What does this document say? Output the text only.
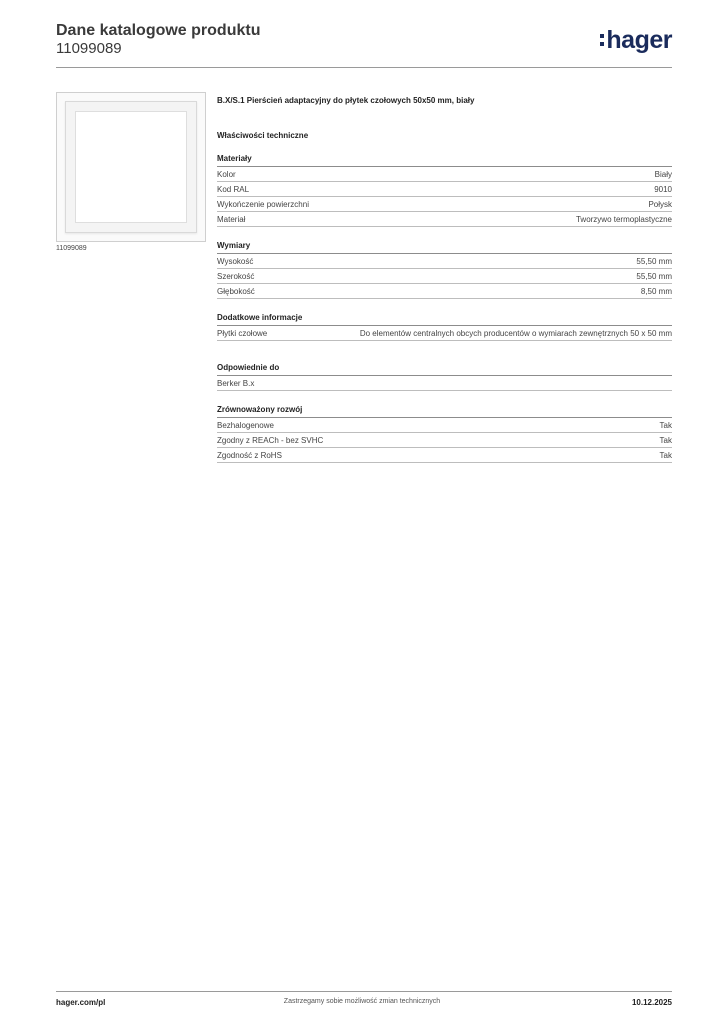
Dane katalogowe produktu
11099089	hager
11099089
B.X/S.1 Pierścień adaptacyjny do płytek czołowych 50x50 mm, biały
Właściwości techniczne
Materiały
Kolor	Biały
Kod RAL	9010
Wykończenie powierzchni	Połysk
Materiał	Tworzywo termoplastyczne
Wymiary
Wysokość	55,50 mm
Szerokość	55,50 mm
Głębokość	8,50 mm
Dodatkowe informacje
Płytki czołowe	Do elementów centralnych obcych producentów o wymiarach zewnętrznych 50 x 50 mm
Odpowiednie do
Berker B.x
Zrównoważony rozwój
Bezhalogenowe	Tak
Zgodny z REACh - bez SVHC	Tak
Zgodność z RoHS	Tak
hager.com/pl	Zastrzegamy sobie możliwość zmian technicznych	10.12.2025
